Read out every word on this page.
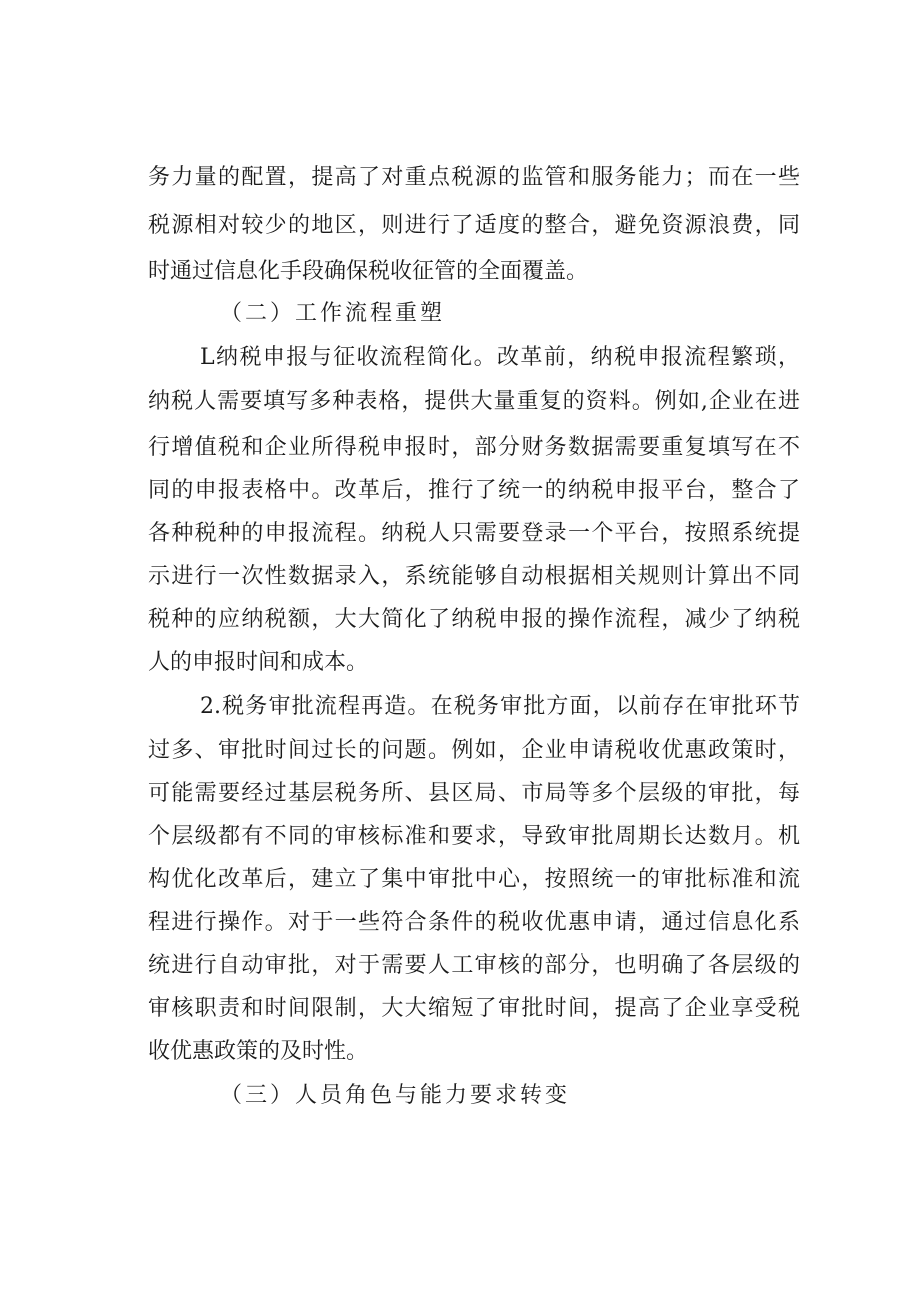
务力量的配置，提高了对重点税源的监管和服务能力；而在一些
税源相对较少的地区，则进行了适度的整合，避免资源浪费，同
时通过信息化手段确保税收征管的全面覆盖。
（二）工作流程重塑
L纳税申报与征收流程简化。改革前，纳税申报流程繁琐，
纳税人需要填写多种表格，提供大量重复的资料。例如,企业在进
行增值税和企业所得税申报时，部分财务数据需要重复填写在不
同的申报表格中。改革后，推行了统一的纳税申报平台，整合了
各种税种的申报流程。纳税人只需要登录一个平台，按照系统提
示进行一次性数据录入，系统能够自动根据相关规则计算出不同
税种的应纳税额，大大简化了纳税申报的操作流程，减少了纳税
人的申报时间和成本。
2.税务审批流程再造。在税务审批方面，以前存在审批环节
过多、审批时间过长的问题。例如，企业申请税收优惠政策时，
可能需要经过基层税务所、县区局、市局等多个层级的审批，每
个层级都有不同的审核标准和要求，导致审批周期长达数月。机
构优化改革后，建立了集中审批中心，按照统一的审批标准和流
程进行操作。对于一些符合条件的税收优惠申请，通过信息化系
统进行自动审批，对于需要人工审核的部分，也明确了各层级的
审核职责和时间限制，大大缩短了审批时间，提高了企业享受税
收优惠政策的及时性。
（三）人员角色与能力要求转变
